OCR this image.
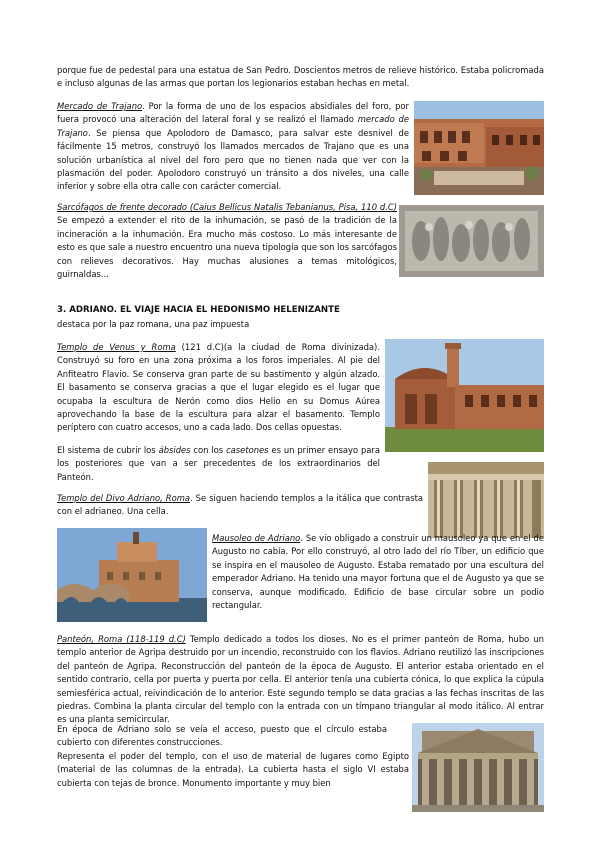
porque fue de pedestal para una estatua de San Pedro. Doscientos metros de relieve histórico. Estaba policromada e incluso algunas de las armas que portan los legionarios estaban hechas en metal.

Mercado de Trajano. Por la forma de uno de los espacios absidiales del foro, por fuera provocó una alteración del lateral foral y se realizó el llamado mercado de Trajano. Se piensa que Apolodoro de Damasco, para salvar este desnivel de fácilmente 15 metros, construyó los llamados mercados de Trajano que es una solución urbanística al nivel del foro pero que no tienen nada que ver con la plasmación del poder. Apolodoro construyó un tránsito a dos niveles, una calle inferior y sobre ella otra calle con carácter comercial.

Sarcófagos de frente decorado (Caius Bellicus Natalis Tebanianus, Pisa, 110 d.C) Se empezó a extender el rito de la inhumación, se pasó de la tradición de la incineración a la inhumación. Era mucho más costoso. Lo más interesante de esto es que sale a nuestro encuentro una nueva tipología que son los sarcófagos con relieves decorativos. Hay muchas alusiones a temas mitológicos, guirnaldas...

3. ADRIANO. EL VIAJE HACIA EL HEDONISMO HELENIZANTE

destaca por la paz romana, una paz impuesta

Templo de Venus y Roma (121 d.C)(a la ciudad de Roma divinizada). Construyó su foro en una zona próxima a los foros imperiales. Al pie del Anfiteatro Flavio. Se conserva gran parte de su bastimento y algún alzado. El basamento se conserva gracias a que el lugar elegido es el lugar que ocupaba la escultura de Nerón como dios Helio en su Domus Aúrea aprovechando la base de la escultura para alzar el basamento. Templo períptero con cuatro accesos, uno a cada lado. Dos cellas opuestas.

El sistema de cubrir los ábsides con los casetones es un primer ensayo para los posteriores que van a ser precedentes de los extraordinarios del Panteón.

Templo del Divo Adriano, Roma. Se siguen haciendo templos a la itálica que contrasta con el adrianeo. Una cella.

Mausoleo de Adriano. Se vio obligado a construir un mausoleo ya que en el de Augusto no cabía. Por ello construyó, al otro lado del río Tíber, un edificio que se inspira en el mausoleo de Augusto. Estaba rematado por una escultura del emperador Adriano. Ha tenido una mayor fortuna que el de Augusto ya que se conserva, aunque modificado. Edificio de base circular sobre un podio rectangular.

Panteón, Roma (118-119 d.C) Templo dedicado a todos los dioses. No es el primer panteón de Roma, hubo un templo anterior de Agripa destruido por un incendio, reconstruido con los flavios. Adriano reutilizó las inscripciones del panteón de Agripa. Reconstrucción del panteón de la época de Augusto. El anterior estaba orientado en el sentido contrario, cella por puerta y puerta por cella. El anterior tenía una cubierta cónica, lo que explica la cúpula semiesférica actual, reivindicación de lo anterior. Este segundo templo se data gracias a las fechas inscritas de las piedras. Combina la planta circular del templo con la entrada con un tímpano triangular al modo itálico. Al entrar es una planta semicircular.

En época de Adriano solo se veía el acceso, puesto que el círculo estaba cubierto con diferentes construcciones.

Representa el poder del templo, con el uso de material de lugares como Egipto (material de las columnas de la entrada). La cubierta hasta el siglo VI estaba cubierta con tejas de bronce. Monumento importante y muy bien
